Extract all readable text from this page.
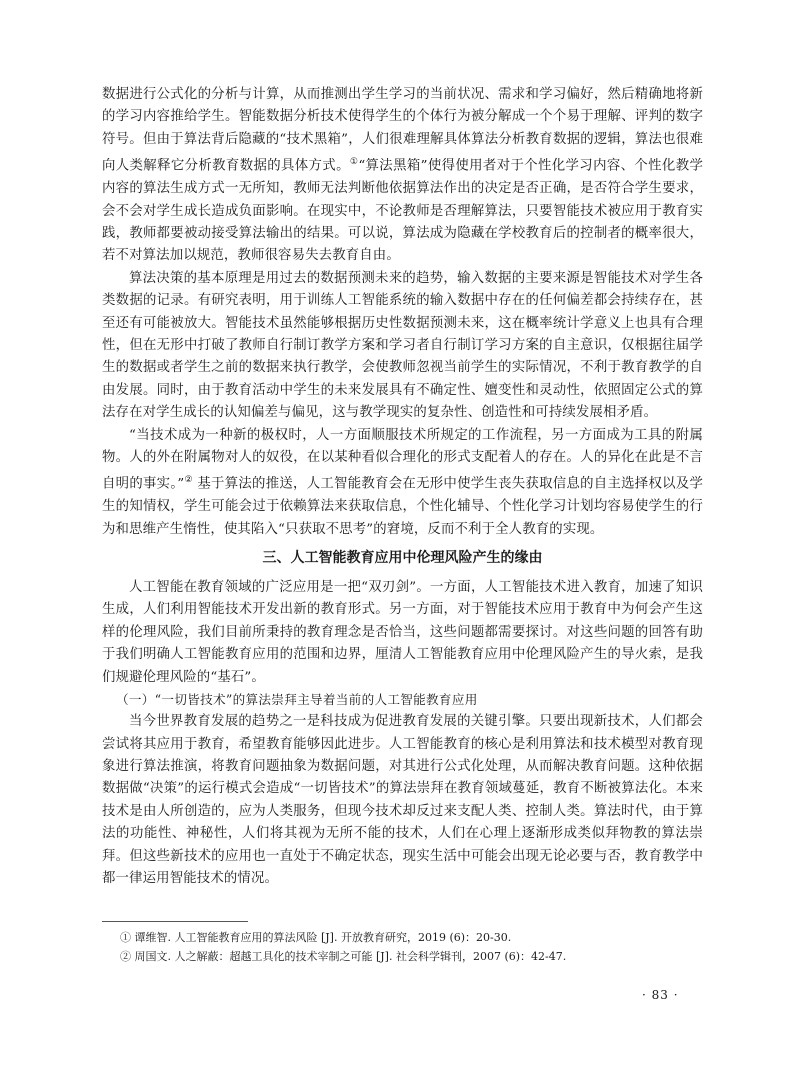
数据进行公式化的分析与计算，从而推测出学生学习的当前状况、需求和学习偏好，然后精确地将新的学习内容推给学生。智能数据分析技术使得学生的个体行为被分解成一个个易于理解、评判的数字符号。但由于算法背后隐藏的“技术黑箱”，人们很难理解具体算法分析教育数据的逻辑，算法也很难向人类解释它分析教育数据的具体方式。①“算法黑箱”使得使用者对于个性化学习内容、个性化教学内容的算法生成方式一无所知，教师无法判断他依据算法作出的决定是否正确，是否符合学生要求，会不会对学生成长造成负面影响。在现实中，不论教师是否理解算法，只要智能技术被应用于教育实践，教师都要被动接受算法输出的结果。可以说，算法成为隐藏在学校教育后的控制者的概率很大，若不对算法加以规范，教师很容易失去教育自由。

算法决策的基本原理是用过去的数据预测未来的趋势，输入数据的主要来源是智能技术对学生各类数据的记录。有研究表明，用于训练人工智能系统的输入数据中存在的任何偏差都会持续存在，甚至还有可能被放大。智能技术虽然能够根据历史性数据预测未来，这在概率统计学意义上也具有合理性，但在无形中打破了教师自行制订教学方案和学习者自行制订学习方案的自主意识，仅根据往届学生的数据或者学生之前的数据来执行教学，会使教师忽视当前学生的实际情况，不利于教育教学的自由发展。同时，由于教育活动中学生的未来发展具有不确定性、嬗变性和灵动性，依照固定公式的算法存在对学生成长的认知偏差与偏见，这与教学现实的复杂性、创造性和可持续发展相矛盾。

“当技术成为一种新的极权时，人一方面顺服技术所规定的工作流程，另一方面成为工具的附属物。人的外在附属物对人的奴役，在以某种看似合理化的形式支配着人的存在。人的异化在此是不言自明的事实。”② 基于算法的推送，人工智能教育会在无形中使学生丧失获取信息的自主选择权以及学生的知情权，学生可能会过于依赖算法来获取信息，个性化辅导、个性化学习计划均容易使学生的行为和思维产生惰性，使其陷入“只获取不思考”的窘境，反而不利于全人教育的实现。

三、人工智能教育应用中伦理风险产生的缘由

人工智能在教育领域的广泛应用是一把“双刃剑”。一方面，人工智能技术进入教育，加速了知识生成，人们利用智能技术开发出新的教育形式。另一方面，对于智能技术应用于教育中为何会产生这样的伦理风险，我们目前所秉持的教育理念是否恰当，这些问题都需要探讨。对这些问题的回答有助于我们明确人工智能教育应用的范围和边界，厘清人工智能教育应用中伦理风险产生的导火索，是我们规避伦理风险的“基石”。

（一）“一切皆技术”的算法崇拜主导着当前的人工智能教育应用

当今世界教育发展的趋势之一是科技成为促进教育发展的关键引擎。只要出现新技术，人们都会尝试将其应用于教育，希望教育能够因此进步。人工智能教育的核心是利用算法和技术模型对教育现象进行算法推演，将教育问题抽象为数据问题，对其进行公式化处理，从而解决教育问题。这种依据数据做“决策”的运行模式会造成“一切皆技术”的算法崇拜在教育领域蔓延，教育不断被算法化。本来技术是由人所创造的，应为人类服务，但现今技术却反过来支配人类、控制人类。算法时代，由于算法的功能性、神秘性，人们将其视为无所不能的技术，人们在心理上逐渐形成类似拜物教的算法崇拜。但这些新技术的应用也一直处于不确定状态，现实生活中可能会出现无论必要与否，教育教学中都一律运用智能技术的情况。

① 谭维智. 人工智能教育应用的算法风险 [J]. 开放教育研究，2019 (6)：20-30.

② 周国文. 人之解蔽：超越工具化的技术宰制之可能 [J]. 社会科学辑刊，2007 (6)：42-47.

· 83 ·
